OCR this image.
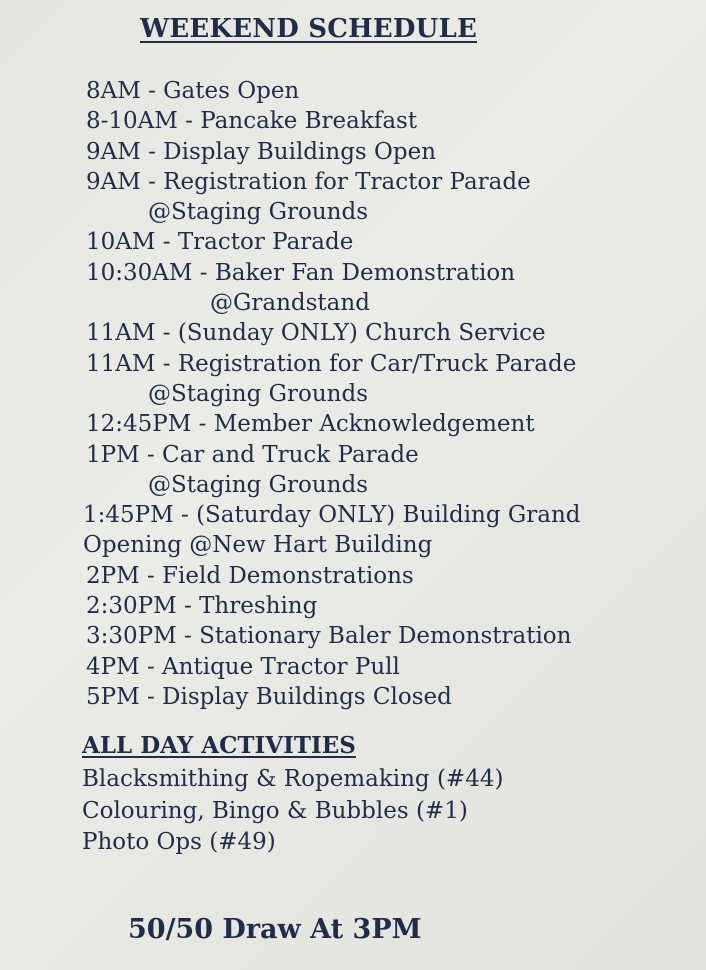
WEEKEND SCHEDULE
8AM - Gates Open
8-10AM - Pancake Breakfast
9AM - Display Buildings Open
9AM - Registration for Tractor Parade
@Staging Grounds
10AM - Tractor Parade
10:30AM - Baker Fan Demonstration
@Grandstand
11AM - (Sunday ONLY) Church Service
11AM - Registration for Car/Truck Parade
@Staging Grounds
12:45PM - Member Acknowledgement
1PM - Car and Truck Parade
@Staging Grounds
1:45PM - (Saturday ONLY) Building Grand
Opening @New Hart Building
2PM - Field Demonstrations
2:30PM - Threshing
3:30PM - Stationary Baler Demonstration
4PM - Antique Tractor Pull
5PM - Display Buildings Closed
ALL DAY ACTIVITIES
Blacksmithing & Ropemaking (#44)
Colouring, Bingo & Bubbles (#1)
Photo Ops (#49)
50/50 Draw At 3PM
